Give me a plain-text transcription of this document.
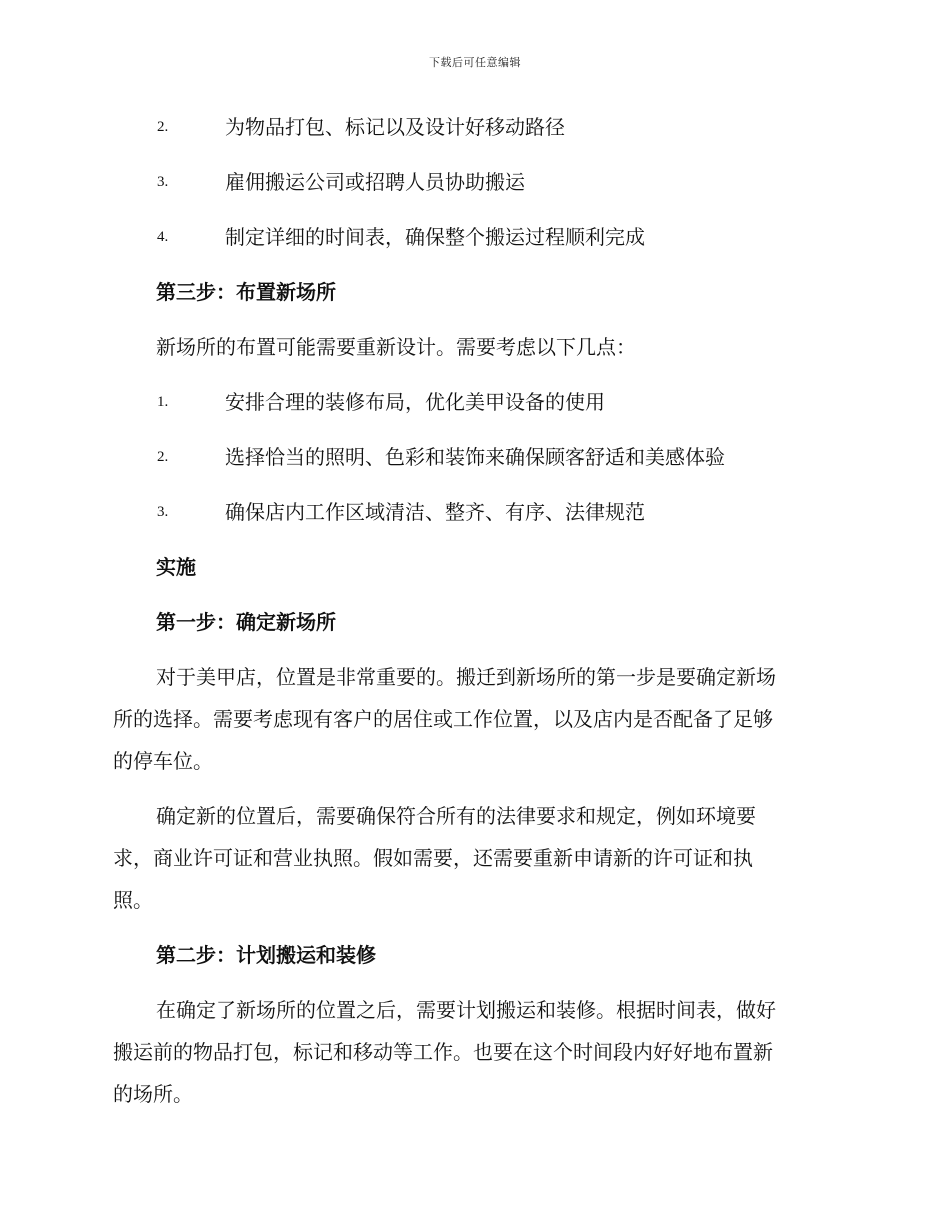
下载后可任意编辑
2.	为物品打包、标记以及设计好移动路径
3.	雇佣搬运公司或招聘人员协助搬运
4.	制定详细的时间表，确保整个搬运过程顺利完成
第三步：布置新场所
新场所的布置可能需要重新设计。需要考虑以下几点：
1.	安排合理的装修布局，优化美甲设备的使用
2.	选择恰当的照明、色彩和装饰来确保顾客舒适和美感体验
3.	确保店内工作区域清洁、整齐、有序、法律规范
实施
第一步：确定新场所
对于美甲店，位置是非常重要的。搬迁到新场所的第一步是要确定新场
所的选择。需要考虑现有客户的居住或工作位置，以及店内是否配备了足够
的停车位。
确定新的位置后，需要确保符合所有的法律要求和规定，例如环境要
求，商业许可证和营业执照。假如需要，还需要重新申请新的许可证和执
照。
第二步：计划搬运和装修
在确定了新场所的位置之后，需要计划搬运和装修。根据时间表，做好
搬运前的物品打包，标记和移动等工作。也要在这个时间段内好好地布置新
的场所。
